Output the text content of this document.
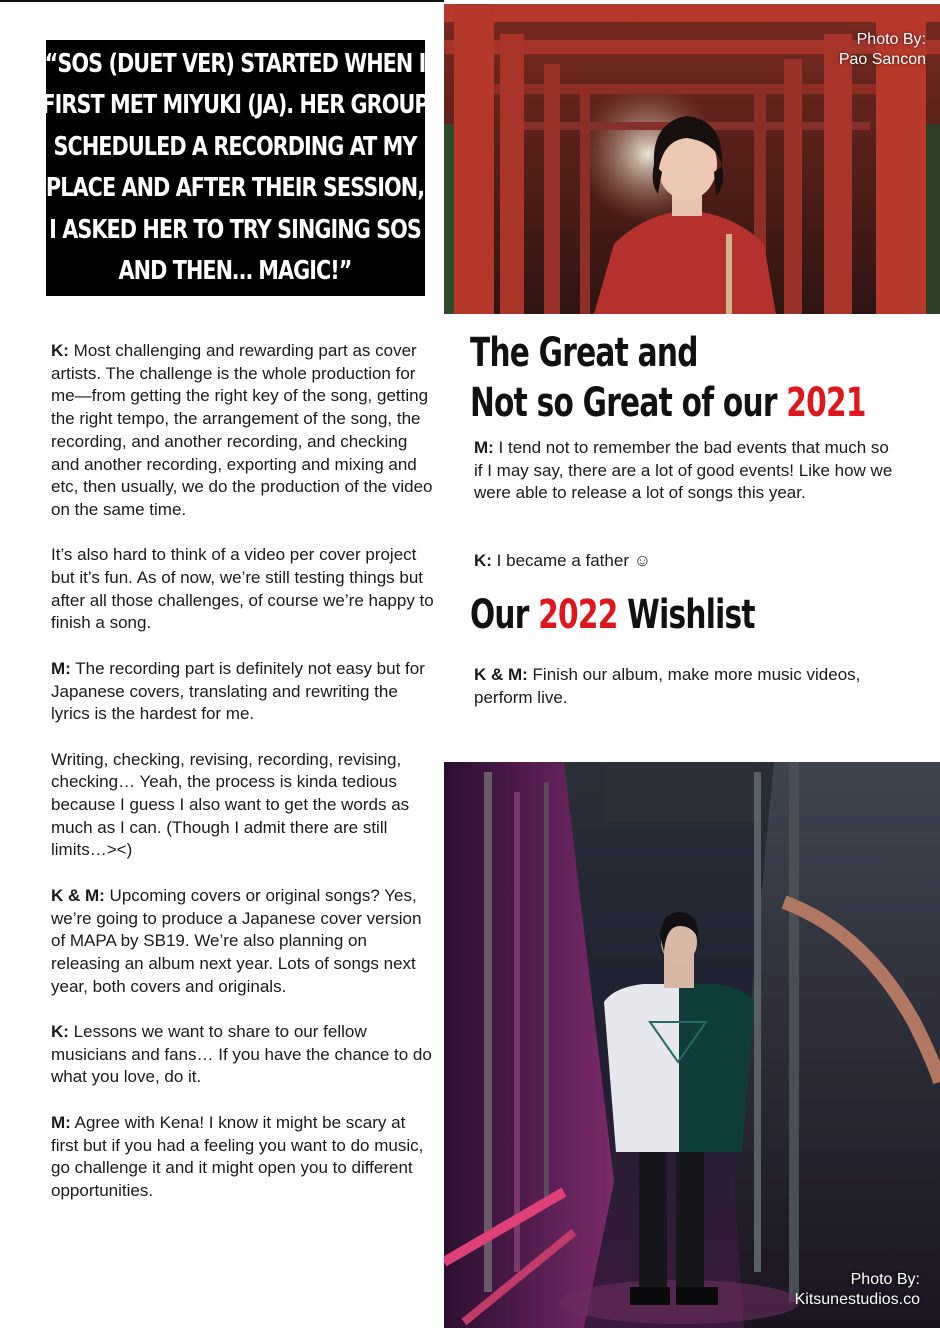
“SOS (DUET VER) STARTED WHEN I
FIRST MET MIYUKI (JA). HER GROUP
SCHEDULED A RECORDING AT MY
PLACE AND AFTER THEIR SESSION,
I ASKED HER TO TRY SINGING SOS
AND THEN… MAGIC!”
Photo By:
Pao Sancon

K: Most challenging and rewarding part as cover artists. The challenge is the whole production for me—from getting the right key of the song, getting the right tempo, the arrangement of the song, the recording, and another recording, and checking and another recording, exporting and mixing and etc, then usually, we do the production of the video on the same time.

It’s also hard to think of a video per cover project but it’s fun. As of now, we’re still testing things but after all those challenges, of course we’re happy to finish a song.

M: The recording part is definitely not easy but for Japanese covers, translating and rewriting the lyrics is the hardest for me.

Writing, checking, revising, recording, revising, checking… Yeah, the process is kinda tedious because I guess I also want to get the words as much as I can. (Though I admit there are still limits…><)

K & M: Upcoming covers or original songs? Yes, we’re going to produce a Japanese cover version of MAPA by SB19. We’re also planning on releasing an album next year. Lots of songs next year, both covers and originals.

K: Lessons we want to share to our fellow musicians and fans… If you have the chance to do what you love, do it.

M: Agree with Kena! I know it might be scary at first but if you had a feeling you want to do music, go challenge it and it might open you to different opportunities.

The Great and
Not so Great of our 2021
M: I tend not to remember the bad events that much so if I may say, there are a lot of good events! Like how we were able to release a lot of songs this year.
K: I became a father ☺
Our 2022 Wishlist
K & M: Finish our album, make more music videos, perform live.
Photo By:
Kitsunestudios.co
